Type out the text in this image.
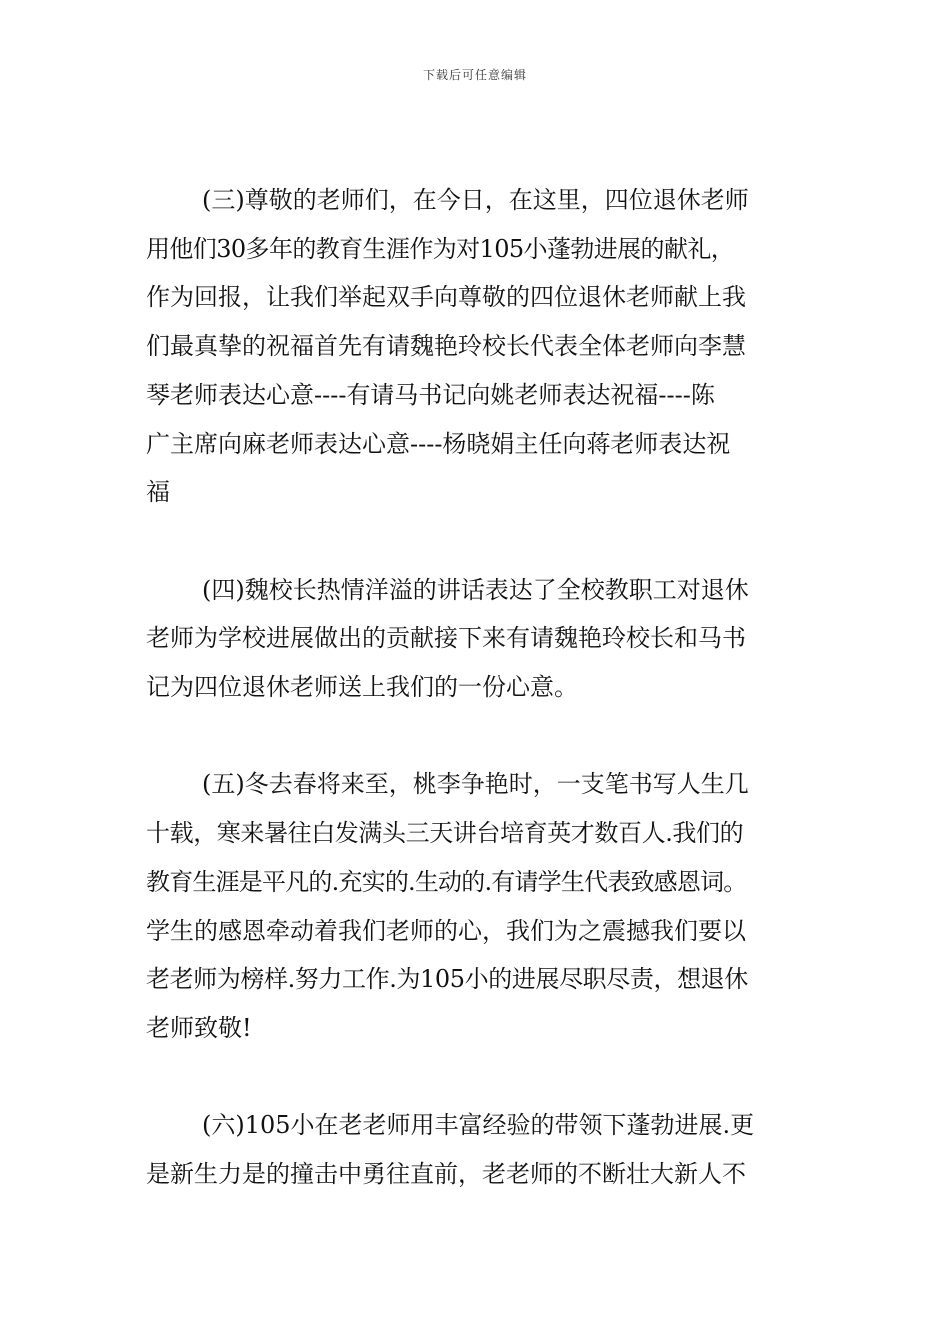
下载后可任意编辑

(三)尊敬的老师们，在今日，在这里，四位退休老师
用他们30多年的教育生涯作为对105小蓬勃进展的献礼，
作为回报，让我们举起双手向尊敬的四位退休老师献上我
们最真挚的祝福首先有请魏艳玲校长代表全体老师向李慧
琴老师表达心意----有请马书记向姚老师表达祝福----陈
广主席向麻老师表达心意----杨晓娟主任向蒋老师表达祝
福

(四)魏校长热情洋溢的讲话表达了全校教职工对退休
老师为学校进展做出的贡献接下来有请魏艳玲校长和马书
记为四位退休老师送上我们的一份心意。

(五)冬去春将来至，桃李争艳时，一支笔书写人生几
十载，寒来暑往白发满头三天讲台培育英才数百人.我们的
教育生涯是平凡的.充实的.生动的.有请学生代表致感恩词。
学生的感恩牵动着我们老师的心，我们为之震撼我们要以
老老师为榜样.努力工作.为105小的进展尽职尽责，想退休
老师致敬!

(六)105小在老老师用丰富经验的带领下蓬勃进展.更
是新生力是的撞击中勇往直前，老老师的不断壮大新人不
